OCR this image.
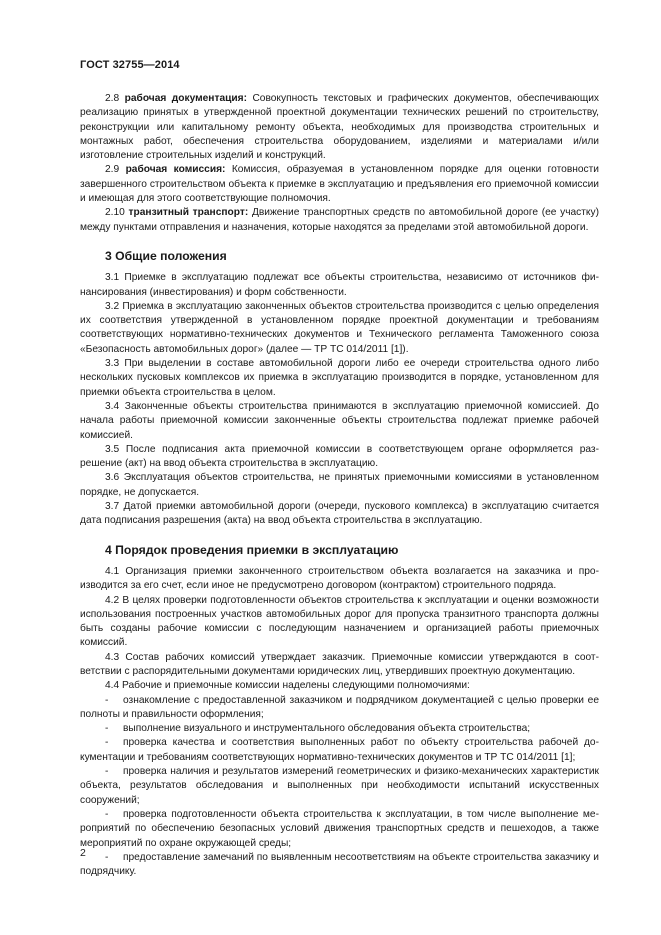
ГОСТ 32755—2014

2.8 рабочая документация: Совокупность текстовых и графических документов, обеспечивающих реализацию принятых в утвержденной проектной документации технических решений по строительству, реконструкции или капитальному ремонту объекта, необходимых для производства строительных и монтажных работ, обеспечения строительства оборудованием, изделиями и материалами и/или изготовление строительных изделий и конструкций.

2.9 рабочая комиссия: Комиссия, образуемая в установленном порядке для оценки готовности завершенного строительством объекта к приемке в эксплуатацию и предъявления его приемочной комиссии и имеющая для этого соответствующие полномочия.

2.10 транзитный транспорт: Движение транспортных средств по автомобильной дороге (ее участку) между пунктами отправления и назначения, которые находятся за пределами этой автомобильной дороги.

3 Общие положения

3.1 Приемке в эксплуатацию подлежат все объекты строительства, независимо от источников финансирования (инвестирования) и форм собственности.

3.2 Приемка в эксплуатацию законченных объектов строительства производится с целью определения их соответствия утвержденной в установленном порядке проектной документации и требованиям соответствующих нормативно-технических документов и Технического регламента Таможенного союза «Безопасность автомобильных дорог» (далее — ТР ТС 014/2011 [1]).

3.3 При выделении в составе автомобильной дороги либо ее очереди строительства одного либо нескольких пусковых комплексов их приемка в эксплуатацию производится в порядке, установленном для приемки объекта строительства в целом.

3.4 Законченные объекты строительства принимаются в эксплуатацию приемочной комиссией. До начала работы приемочной комиссии законченные объекты строительства подлежат приемке рабочей комиссией.

3.5 После подписания акта приемочной комиссии в соответствующем органе оформляется разрешение (акт) на ввод объекта строительства в эксплуатацию.

3.6 Эксплуатация объектов строительства, не принятых приемочными комиссиями в установленном порядке, не допускается.

3.7 Датой приемки автомобильной дороги (очереди, пускового комплекса) в эксплуатацию считается дата подписания разрешения (акта) на ввод объекта строительства в эксплуатацию.

4 Порядок проведения приемки в эксплуатацию

4.1 Организация приемки законченного строительством объекта возлагается на заказчика и производится за его счет, если иное не предусмотрено договором (контрактом) строительного подряда.

4.2 В целях проверки подготовленности объектов строительства к эксплуатации и оценки возможности использования построенных участков автомобильных дорог для пропуска транзитного транспорта должны быть созданы рабочие комиссии с последующим назначением и организацией работы приемочных комиссий.

4.3 Состав рабочих комиссий утверждает заказчик. Приемочные комиссии утверждаются в соответствии с распорядительными документами юридических лиц, утвердивших проектную документацию.

4.4 Рабочие и приемочные комиссии наделены следующими полномочиями:

- ознакомление с предоставленной заказчиком и подрядчиком документацией с целью проверки ее полноты и правильности оформления;

- выполнение визуального и инструментального обследования объекта строительства;

- проверка качества и соответствия выполненных работ по объекту строительства рабочей документации и требованиям соответствующих нормативно-технических документов и ТР ТС 014/2011 [1];

- проверка наличия и результатов измерений геометрических и физико-механических характеристик объекта, результатов обследования и выполненных при необходимости испытаний искусственных сооружений;

- проверка подготовленности объекта строительства к эксплуатации, в том числе выполнение мероприятий по обеспечению безопасных условий движения транспортных средств и пешеходов, а также мероприятий по охране окружающей среды;

- предоставление замечаний по выявленным несоответствиям на объекте строительства заказчику и подрядчику.

2
